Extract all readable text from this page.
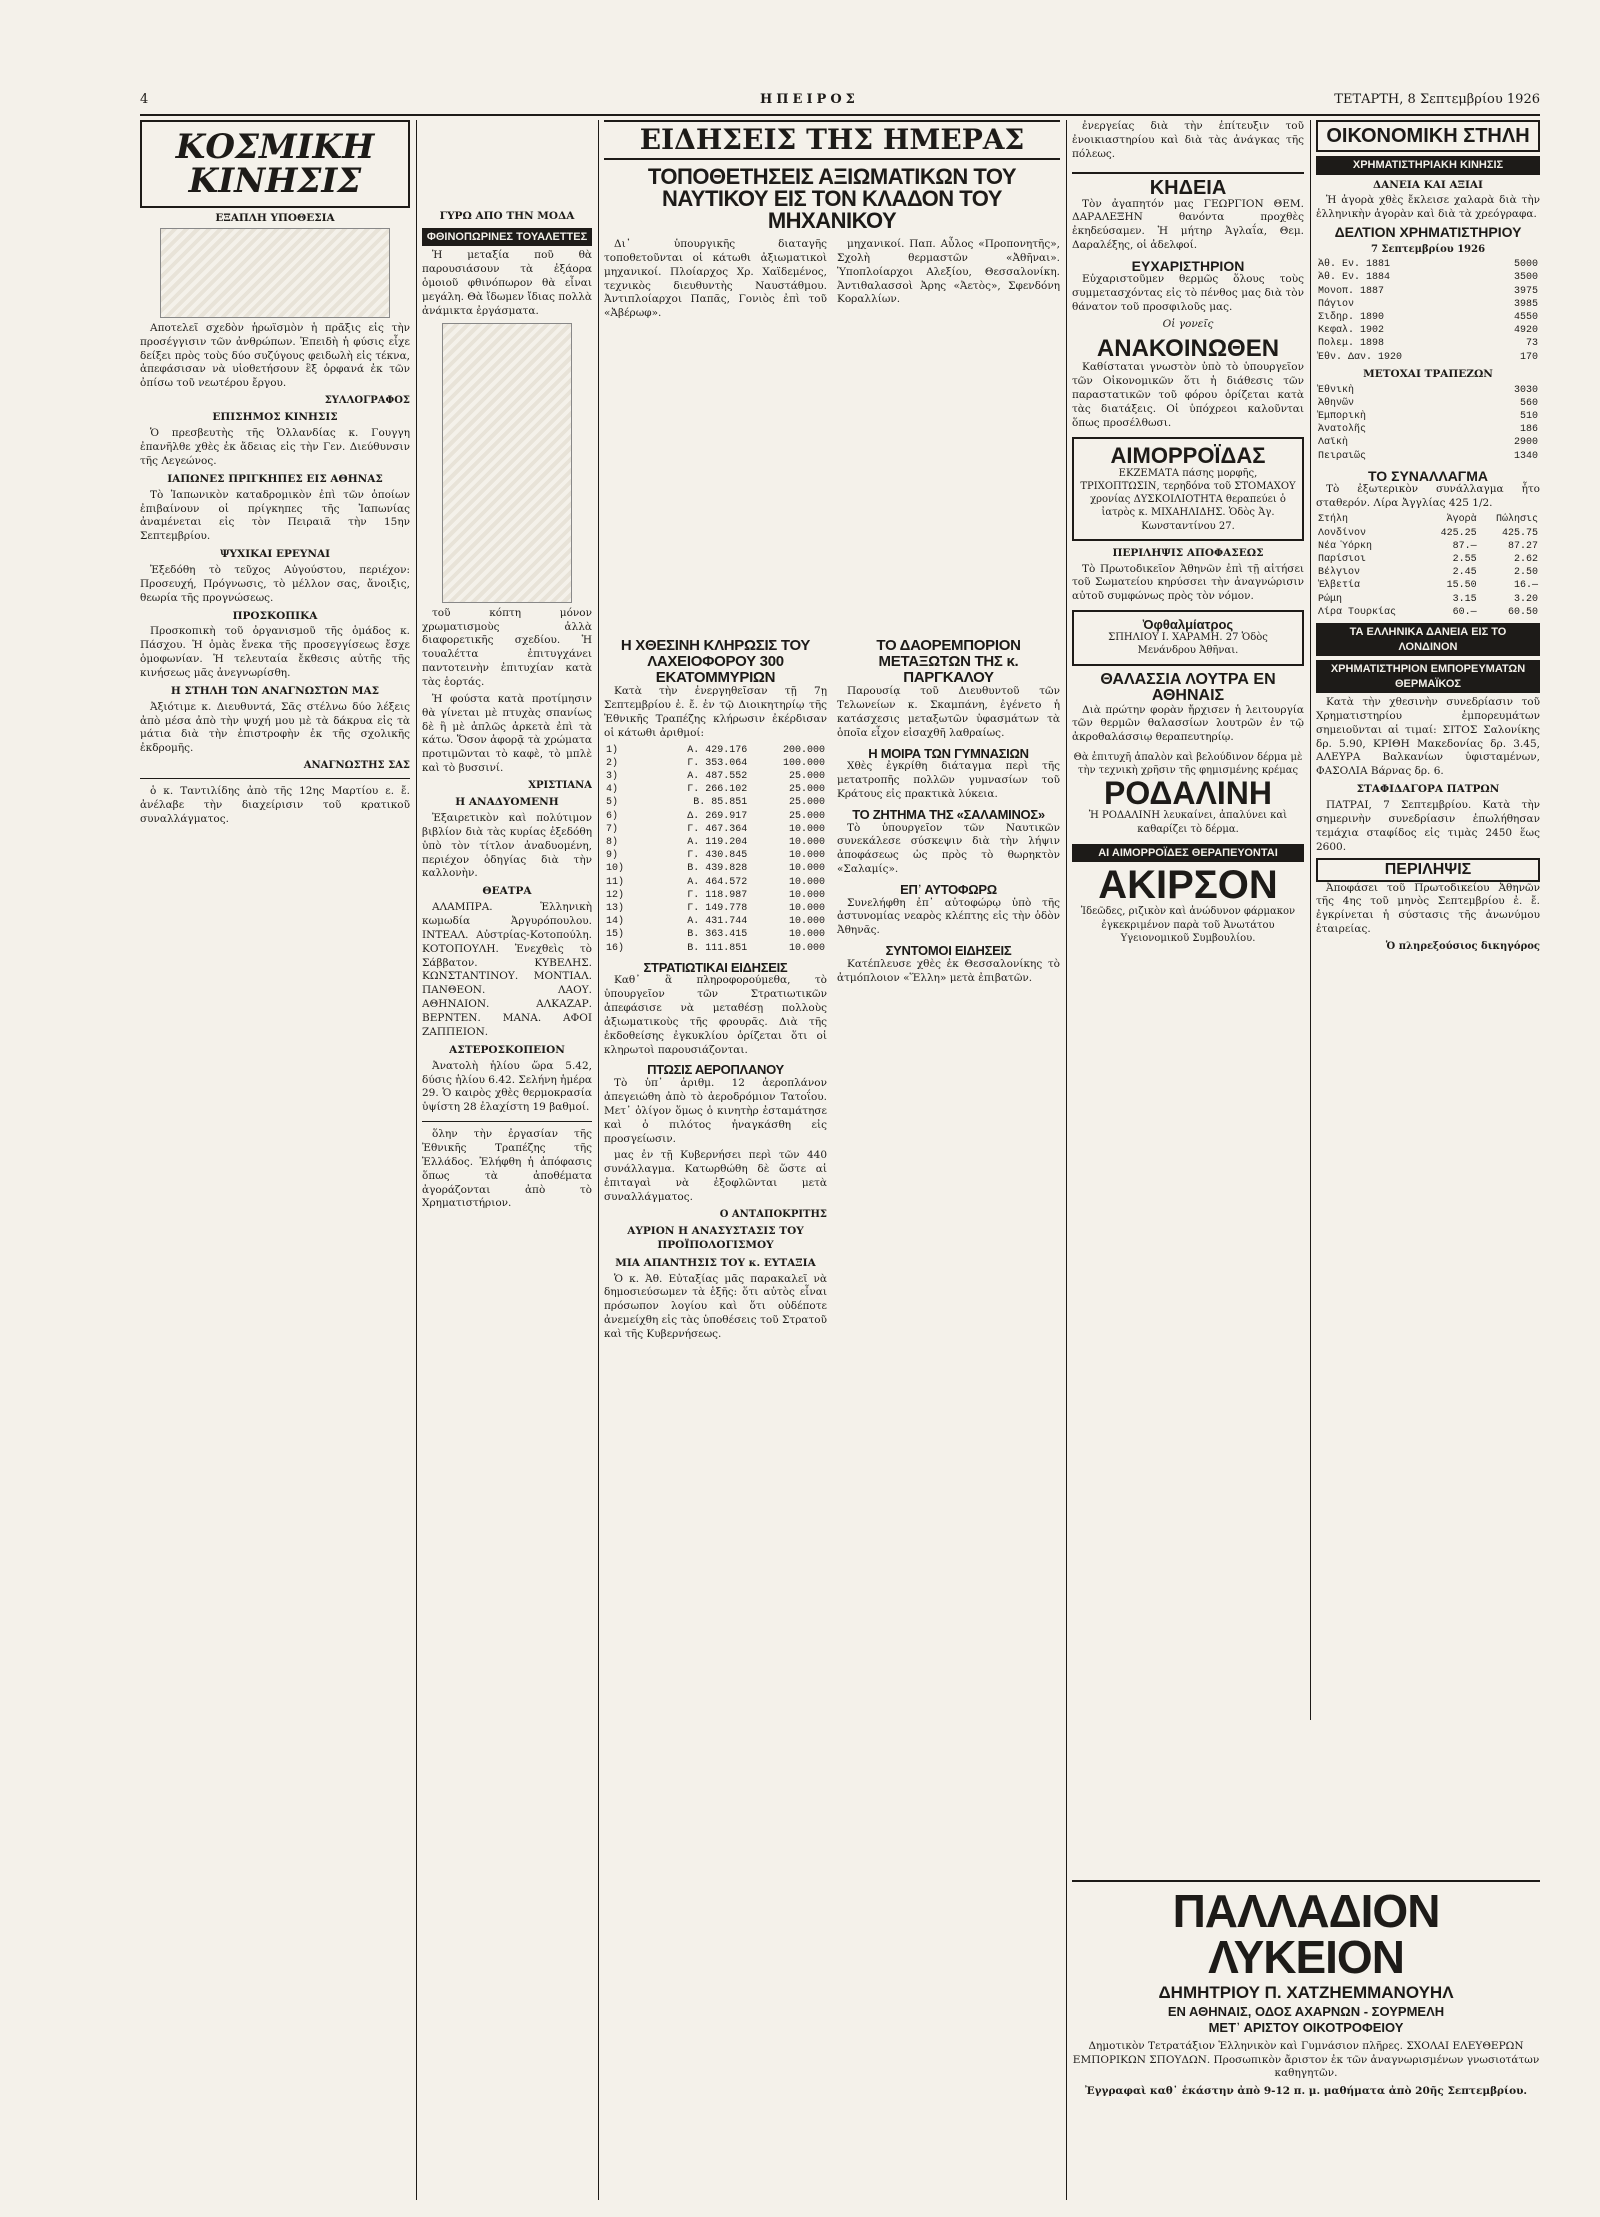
4	ΗΠΕΙΡΟΣ	ΤΕΤΑΡΤΗ, 8 Σεπτεμβρίου 1926
ΚΟΣΜΙΚΗ ΚΙΝΗΣΙΣ
ΕΞΑΠΛΗ ΥΠΟΘΕΣΙΑ

Αποτελεῖ σχεδὸν ἡρωϊσμὸν ἡ πρᾶξις εἰς τὴν προσέγγισιν τῶν ἀνθρώπων. Ἐπειδὴ ἡ φύσις εἶχε δείξει πρὸς τοὺς δύο συζύγους φειδωλὴ εἰς τέκνα, ἀπεφάσισαν νὰ υἱοθετήσουν ἓξ ὀρφανά ἐκ τῶν ὀπίσω τοῦ νεωτέρου ἔργου.

ΣΥΛΛΟΓΡΑΦΟΣ
ΕΠΙΣΗΜΟΣ ΚΙΝΗΣΙΣ

Ὁ πρεσβευτὴς τῆς Ὀλλανδίας κ. Γουγγη ἐπανῆλθε χθὲς ἐκ ἄδειας εἰς τὴν Γεν. Διεύθυνσιν τῆς Λεγεώνος.

ΙΑΠΩΝΕΣ ΠΡΙΓΚΗΠΕΣ ΕΙΣ ΑΘΗΝΑΣ

Τὸ Ἰαπωνικὸν καταδρομικὸν ἐπὶ τῶν ὁποίων ἐπιβαίνουν οἱ πρίγκηπες τῆς Ἰαπωνίας ἀναμένεται εἰς τὸν Πειραιᾶ τὴν 15ην Σεπτεμβρίου.

ΨΥΧΙΚΑΙ ΕΡΕΥΝΑΙ

Ἐξεδόθη τὸ τεῦχος Αὐγούστου, περιέχον: Προσευχή, Πρόγνωσις, τὸ μέλλον σας, ἄνοιξις, θεωρία τῆς προγνώσεως.

ΠΡΟΣΚΟΠΙΚΑ

Προσκοπικὴ τοῦ ὀργανισμοῦ τῆς ὁμάδος κ. Πάσχου. Ἡ ὁμὰς ἔνεκα τῆς προσεγγίσεως ἔσχε ὁμοφωνίαν. Ἡ τελευταία ἔκθεσις αὐτῆς τῆς κινήσεως μᾶς ἀνεγνωρίσθη.

Η ΣΤΗΛΗ ΤΩΝ ΑΝΑΓΝΩΣΤΩΝ ΜΑΣ

Ἀξιότιμε κ. Διευθυντά, Σᾶς στέλνω δύο λέξεις ἀπὸ μέσα ἀπὸ τὴν ψυχή μου μὲ τὰ δάκρυα εἰς τὰ μάτια διὰ τὴν ἐπιστροφὴν ἐκ τῆς σχολικῆς ἐκδρομῆς.

ΑΝΑΓΝΩΣΤΗΣ ΣΑΣ

ὁ κ. Ταντιλίδης ἀπὸ τῆς 12ης Μαρτίου ε. ἔ. ἀνέλαβε τὴν διαχείρισιν τοῦ κρατικοῦ συναλλάγματος.

ΓΥΡΩ ΑΠΟ ΤΗΝ ΜΟΔΑ
ΦΘΙΝΟΠΩΡΙΝΕΣ ΤΟΥΑΛΕΤΤΕΣ

Ἡ μεταξία ποῦ θὰ παρουσιάσουν τὰ ἐξάορα ὁμοιοῦ φθινόπωρον θὰ εἶναι μεγάλη. Θὰ ἴδωμεν ἴδιας πολλὰ ἀνάμικτα ἐργάσματα.

τοῦ κόπτη μόνον χρωματισμοὺς ἀλλὰ διαφορετικῆς σχεδίου. Ἡ τουαλέττα ἐπιτυγχάνει παντοτεινὴν ἐπιτυχίαν κατὰ τὰς ἑορτάς.

Ἡ φούστα κατὰ προτίμησιν θὰ γίνεται μὲ πτυχὰς σπανίως δὲ ἢ μὲ ἁπλῶς ἀρκετὰ ἐπὶ τὰ κάτω. Ὅσον ἀφορᾷ τὰ χρώματα προτιμῶνται τὸ καφὲ, τὸ μπλὲ καὶ τὸ βυσσινί.

ΧΡΙΣΤΙΑΝΑ
Η ΑΝΑΔΥΟΜΕΝΗ

Ἐξαιρετικὸν καὶ πολύτιμον βιβλίον διὰ τὰς κυρίας ἐξεδόθη ὑπὸ τὸν τίτλον ἀναδυομένη, περιέχον ὁδηγίας διὰ τὴν καλλονὴν.

ΘΕΑΤΡΑ

ΑΛΑΜΠΡΑ. Ἑλληνικὴ κωμωδία Ἀργυρόπουλου. ΙΝΤΕΑΛ. Αὐστρίας-Κοτοπούλη. ΚΟΤΟΠΟΥΛΗ. Ἐνεχθεὶς τὸ Σάββατον. ΚΥΒΕΛΗΣ. ΚΩΝΣΤΑΝΤΙΝΟΥ. ΜΟΝΤΙΑΛ. ΠΑΝΘΕΟΝ. ΛΑΟΥ. ΑΘΗΝΑΙΟΝ. ΑΛΚΑΖΑΡ. ΒΕΡΝΤΕΝ. ΜΑΝΑ. ΑΦΟΙ ΖΑΠΠΕΙΟΝ.

ΑΣΤΕΡΟΣΚΟΠΕΙΟΝ

Ἀνατολὴ ἡλίου ὥρα 5.42, δύσις ἡλίου 6.42. Σελήνη ἡμέρα 29. Ὁ καιρὸς χθὲς θερμοκρασία ὑψίστη 28 ἐλαχίστη 19 βαθμοί.

ὅλην τὴν ἐργασίαν τῆς Ἐθνικῆς Τραπέζης τῆς Ἑλλάδος. Ἐλήφθη ἡ ἀπόφασις ὅπως τὰ ἀποθέματα ἀγοράζονται ἀπὸ τὸ Χρηματιστήριον.

ΕΙΔΗΣΕΙΣ ΤΗΣ ΗΜΕΡΑΣ
ΤΟΠΟΘΕΤΗΣΕΙΣ ΑΞΙΩΜΑΤΙΚΩΝ ΤΟΥ ΝΑΥΤΙΚΟΥ ΕΙΣ ΤΟΝ ΚΛΑΔΟΝ ΤΟΥ ΜΗΧΑΝΙΚΟΥ

Δι᾽ ὑπουργικῆς διαταγῆς τοποθετοῦνται οἱ κάτωθι ἀξιωματικοὶ μηχανικοί. Πλοίαρχος Χρ. Χαϊδεμένος, τεχνικὸς διευθυντὴς Ναυστάθμου. Ἀντιπλοίαρχοι Παπᾶς, Γονιὸς ἐπὶ τοῦ «Ἀβέρωφ».

μηχανικοί. Παπ. Αὖλος «Προπονητῆς», Σχολὴ θερμαστῶν «Ἀθῆναι». Ὑποπλοίαρχοι Αλεξίου, Θεσσαλονίκη. Ἀντιθαλασσοὶ Ἀρης «Ἀετὸς», Σφενδόνη Κοραλλίων.

Η ΧΘΕΣΙΝΗ ΚΛΗΡΩΣΙΣ ΤΟΥ ΛΑΧΕΙΟΦΟΡΟΥ 300 ΕΚΑΤΟΜΜΥΡΙΩΝ

Κατὰ τὴν ἐνεργηθεῖσαν τῇ 7ῃ Σεπτεμβρίου ἐ. ἔ. ἐν τῷ Διοικητηρίῳ τῆς Ἐθνικῆς Τραπέζης κλήρωσιν ἐκέρδισαν οἱ κάτωθι ἀριθμοί:

1)	Α. 429.176	200.000
2)	Γ. 353.064	100.000
3)	Α. 487.552	25.000
4)	Γ. 266.102	25.000
5)	Β. 85.851	25.000
6)	Δ. 269.917	25.000
7)	Γ. 467.364	10.000
8)	Α. 119.204	10.000
9)	Γ. 430.845	10.000
10)	Β. 439.828	10.000
11)	Α. 464.572	10.000
12)	Γ. 118.987	10.000
13)	Γ. 149.778	10.000
14)	Α. 431.744	10.000
15)	Β. 363.415	10.000
16)	Β. 111.851	10.000
ΣΤΡΑΤΙΩΤΙΚΑΙ ΕΙΔΗΣΕΙΣ

Καθ᾽ ἃ πληροφορούμεθα, τὸ ὑπουργεῖον τῶν Στρατιωτικῶν ἀπεφάσισε νὰ μεταθέσῃ πολλοὺς ἀξιωματικοὺς τῆς φρουρᾶς. Διὰ τῆς ἐκδοθείσης ἐγκυκλίου ὁρίζεται ὅτι οἱ κληρωτοὶ παρουσιάζονται.

ΠΤΩΣΙΣ ΑΕΡΟΠΛΑΝΟΥ

Τὸ ὑπ᾽ ἀριθμ. 12 ἀεροπλάνον ἀπεγειώθη ἀπὸ τὸ ἀεροδρόμιον Τατοΐου. Μετ᾽ ὀλίγον ὅμως ὁ κινητὴρ ἐσταμάτησε καὶ ὁ πιλότος ἠναγκάσθη εἰς προσγείωσιν.

μας ἐν τῇ Κυβερνήσει περὶ τῶν 440 συνάλλαγμα. Κατωρθώθη δὲ ὥστε αἱ ἐπιταγαὶ νὰ ἐξοφλῶνται μετὰ συναλλάγματος.

Ο ΑΝΤΑΠΟΚΡΙΤΗΣ
ΑΥΡΙΟΝ Η ΑΝΑΣΥΣΤΑΣΙΣ ΤΟΥ ΠΡΟΪΠΟΛΟΓΙΣΜΟΥ
ΜΙΑ ΑΠΑΝΤΗΣΙΣ ΤΟΥ κ. ΕΥΤΑΞΙΑ

Ὁ κ. Ἀθ. Εὐταξίας μᾶς παρακαλεῖ νὰ δημοσιεύσωμεν τὰ ἑξῆς: ὅτι αὐτὸς εἶναι πρόσωπον λογίου καὶ ὅτι οὐδέποτε ἀνεμείχθη εἰς τὰς ὑποθέσεις τοῦ Στρατοῦ καὶ τῆς Κυβερνήσεως.

ΤΟ ΔΑΟΡΕΜΠΟΡΙΟΝ ΜΕΤΑΞΩΤΩΝ ΤΗΣ κ. ΠΑΡΓΚΑΛΟΥ

Παρουσίᾳ τοῦ Διευθυντοῦ τῶν Τελωνείων κ. Σκαμπάνη, ἐγένετο ἡ κατάσχεσις μεταξωτῶν ὑφασμάτων τὰ ὁποῖα εἶχον εἰσαχθῆ λαθραίως.

Η ΜΟΙΡΑ ΤΩΝ ΓΥΜΝΑΣΙΩΝ

Χθὲς ἐγκρίθη διάταγμα περὶ τῆς μετατροπῆς πολλῶν γυμνασίων τοῦ Κράτους εἰς πρακτικὰ λύκεια.

ΤΟ ΖΗΤΗΜΑ ΤΗΣ «ΣΑΛΑΜΙΝΟΣ»

Τὸ ὑπουργεῖον τῶν Ναυτικῶν συνεκάλεσε σύσκεψιν διὰ τὴν λήψιν ἀποφάσεως ὡς πρὸς τὸ θωρηκτὸν «Σαλαμίς».

ΕΠ᾽ ΑΥΤΟΦΩΡΩ

Συνελήφθη ἐπ᾽ αὐτοφώρῳ ὑπὸ τῆς ἀστυνομίας νεαρὸς κλέπτης εἰς τὴν ὁδὸν Ἀθηνᾶς.

ΣΥΝΤΟΜΟΙ ΕΙΔΗΣΕΙΣ

Κατέπλευσε χθὲς ἐκ Θεσσαλονίκης τὸ ἀτμόπλοιον «Ἕλλη» μετὰ ἐπιβατῶν.

ἐνεργείας διὰ τὴν ἐπίτευξιν τοῦ ἐνοικιαστηρίου καὶ διὰ τὰς ἀνάγκας τῆς πόλεως.

ΚΗΔΕΙΑ

Τὸν ἀγαπητόν μας ΓΕΩΡΓΙΟΝ ΘΕΜ. ΔΑΡΑΛΕΞΗΝ θανόντα προχθὲς ἐκηδεύσαμεν. Ἡ μήτηρ Ἀγλαΐα, Θεμ. Δαραλέξης, οἱ ἀδελφοί.

ΕΥΧΑΡΙΣΤΗΡΙΟΝ

Εὐχαριστοῦμεν θερμῶς ὅλους τοὺς συμμετασχόντας εἰς τὸ πένθος μας διὰ τὸν θάνατον τοῦ προσφιλοῦς μας.

Οἱ γονεῖς
ΑΝΑΚΟΙΝΩΘΕΝ

Καθίσταται γνωστὸν ὑπὸ τὸ ὑπουργεῖον τῶν Οἰκονομικῶν ὅτι ἡ διάθεσις τῶν παραστατικῶν τοῦ φόρου ὁρίζεται κατὰ τὰς διατάξεις. Οἱ ὑπόχρεοι καλοῦνται ὅπως προσέλθωσι.

ΑΙΜΟΡΡΟΪΔΑΣ
ΕΚΖΕΜΑΤΑ πάσης μορφῆς, ΤΡΙΧΟΠΤΩΣΙΝ, τερηδόνα τοῦ ΣΤΟΜΑΧΟΥ χρονίας ΔΥΣΚΟΙΛΙΟΤΗΤΑ θεραπεύει ὁ ἰατρὸς κ. ΜΙΧΑΗΛΙΔΗΣ. Ὁδὸς Ἀγ. Κωνσταντίνου 27.
ΠΕΡΙΛΗΨΙΣ ΑΠΟΦΑΣΕΩΣ

Τὸ Πρωτοδικεῖον Ἀθηνῶν ἐπὶ τῇ αἰτήσει τοῦ Σωματείου κηρύσσει τὴν ἀναγνώρισιν αὐτοῦ συμφώνως πρὸς τὸν νόμον.

Ὀφθαλμίατρος
ΣΠΗΛΙΟΥ Ι. ΧΑΡΑΜΗ. 27 Ὁδὸς Μενάνδρου Ἀθῆναι.
ΘΑΛΑΣΣΙΑ ΛΟΥΤΡΑ ΕΝ ΑΘΗΝΑΙΣ

Διὰ πρώτην φορὰν ἤρχισεν ἡ λειτουργία τῶν θερμῶν θαλασσίων λουτρῶν ἐν τῷ ἀκροθαλάσσιῳ θεραπευτηρίῳ.

Θὰ ἐπιτυχῆ ἀπαλὸν καὶ βελούδινον δέρμα μὲ τὴν τεχνικὴ χρῆσιν τῆς φημισμένης κρέμας
ΡΟΔΑΛΙΝΗ
Ἡ ΡΟΔΑΛΙΝΗ λευκαίνει, ἁπαλύνει καὶ καθαρίζει τὸ δέρμα.
ΑΙ ΑΙΜΟΡΡΟΪΔΕΣ ΘΕΡΑΠΕΥΟΝΤΑΙ
ΑΚΙΡΣΟΝ
Ἰδεῶδες, ριζικὸν καὶ ἀνώδυνον φάρμακον ἐγκεκριμένον παρὰ τοῦ Ἀνωτάτου Υγειονομικοῦ Συμβουλίου.
ΟΙΚΟΝΟΜΙΚΗ ΣΤΗΛΗ
ΧΡΗΜΑΤΙΣΤΗΡΙΑΚΗ ΚΙΝΗΣΙΣ
ΔΑΝΕΙΑ ΚΑΙ ΑΞΙΑΙ

Ἡ ἀγορὰ χθὲς ἔκλεισε χαλαρὰ διὰ τὴν ἑλληνικὴν ἀγορὰν καὶ διὰ τὰ χρεόγραφα.

ΔΕΛΤΙΟΝ ΧΡΗΜΑΤΙΣΤΗΡΙΟΥ
7 Σεπτεμβρίου 1926
Ἀθ. Εν. 1881	5000
Ἀθ. Εν. 1884	3500
Μονοπ. 1887	3975
Πάγιον	3985
Σιδηρ. 1890	4550
Κεφαλ. 1902	4920
Πολεμ. 1898	73
Ἐθν. Δαν. 1920	170
ΜΕΤΟΧΑΙ ΤΡΑΠΕΖΩΝ
Ἐθνικὴ	3030
Ἀθηνῶν	560
Ἐμπορικὴ	510
Ἀνατολῆς	186
Λαϊκὴ	2900
Πειραιῶς	1340
ΤΟ ΣΥΝΑΛΛΑΓΜΑ

Τὸ ἐξωτερικὸν συνάλλαγμα ἦτο σταθερόν. Λίρα Ἀγγλίας 425 1/2.

Στήλη	Ἀγορὰ	Πώλησις
Λονδίνον	425.25	425.75
Νέα Ὑόρκη	87.—	87.27
Παρίσιοι	2.55	2.62
Βέλγιον	2.45	2.50
Ἑλβετία	15.50	16.—
Ρώμη	3.15	3.20
Λίρα Τουρκίας	60.—	60.50
ΤΑ ΕΛΛΗΝΙΚΑ ΔΑΝΕΙΑ ΕΙΣ ΤΟ ΛΟΝΔΙΝΟΝ
ΧΡΗΜΑΤΙΣΤΗΡΙΟΝ ΕΜΠΟΡΕΥΜΑΤΩΝ ΘΕΡΜΑΪΚΟΣ

Κατὰ τὴν χθεσινὴν συνεδρίασιν τοῦ Χρηματιστηρίου ἐμπορευμάτων σημειοῦνται αἱ τιμαί: ΣΙΤΟΣ Σαλονίκης δρ. 5.90, ΚΡΙΘΗ Μακεδονίας δρ. 3.45, ΑΛΕΥΡΑ Βαλκανίων ὑφισταμένων, ΦΑΣΟΛΙΑ Βάρνας δρ. 6.

ΣΤΑΦΙΔΑΓΟΡΑ ΠΑΤΡΩΝ

ΠΑΤΡΑΙ, 7 Σεπτεμβρίου. Κατὰ τὴν σημερινὴν συνεδρίασιν ἐπωλήθησαν τεμάχια σταφίδος εἰς τιμὰς 2450 ἕως 2600.

ΠΕΡΙΛΗΨΙΣ

Ἀποφάσει τοῦ Πρωτοδικείου Ἀθηνῶν τῆς 4ης τοῦ μηνὸς Σεπτεμβρίου ἐ. ἔ. ἐγκρίνεται ἡ σύστασις τῆς ἀνωνύμου ἑταιρείας.

Ὁ πληρεξούσιος δικηγόρος
ΠΑΛΛΑΔΙΟΝ ΛΥΚΕΙΟΝ
ΔΗΜΗΤΡΙΟΥ Π. ΧΑΤΖΗΕΜΜΑΝΟΥΗΛ
ΕΝ ΑΘΗΝΑΙΣ, ΟΔΟΣ ΑΧΑΡΝΩΝ - ΣΟΥΡΜΕΛΗ
ΜΕΤ᾽ ΑΡΙΣΤΟΥ ΟΙΚΟΤΡΟΦΕΙΟΥ
Δημοτικὸν Τετρατάξιον Ἑλληνικὸν καὶ Γυμνάσιον πλῆρες. ΣΧΟΛΑΙ ΕΛΕΥΘΕΡΩΝ ΕΜΠΟΡΙΚΩΝ ΣΠΟΥΔΩΝ. Προσωπικὸν ἄριστον ἐκ τῶν ἀναγνωρισμένων γνωσιοτάτων καθηγητῶν.
Ἐγγραφαὶ καθ᾽ ἑκάστην ἀπὸ 9-12 π. μ. μαθήματα ἀπὸ 20ῆς Σεπτεμβρίου.
